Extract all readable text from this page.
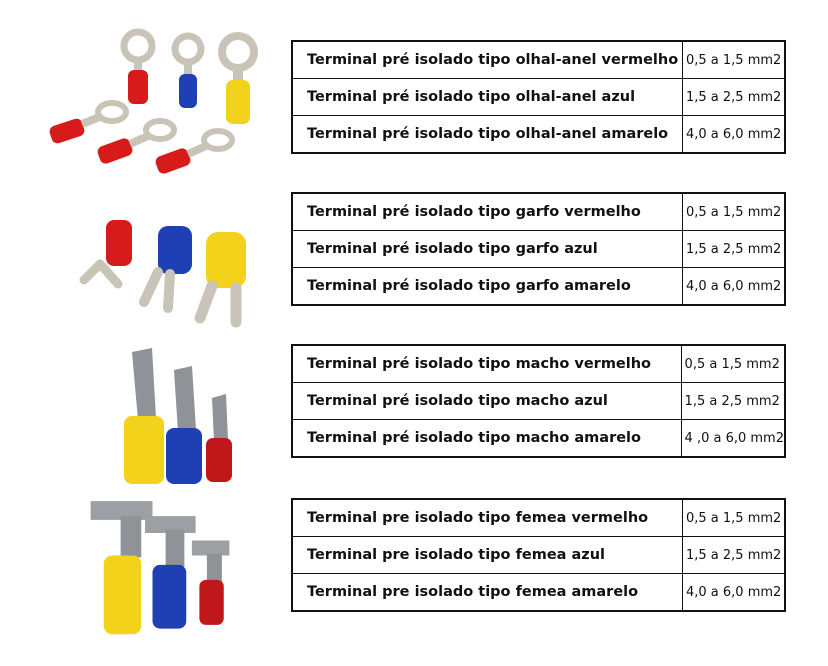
Terminal pré isolado tipo olhal-anel vermelho	0,5 a 1,5 mm2
Terminal pré isolado tipo olhal-anel azul	1,5 a 2,5 mm2
Terminal pré isolado tipo olhal-anel amarelo	4,0 a 6,0 mm2
Terminal pré isolado tipo garfo vermelho	0,5 a 1,5 mm2
Terminal pré isolado tipo garfo azul	1,5 a 2,5 mm2
Terminal pré isolado tipo garfo amarelo	4,0 a 6,0 mm2
Terminal pré isolado tipo macho vermelho	0,5 a 1,5 mm2
Terminal pré isolado tipo macho azul	1,5 a 2,5 mm2
Terminal pré isolado tipo macho amarelo	4 ,0 a 6,0 mm2
Terminal pre isolado tipo femea vermelho	0,5 a 1,5 mm2
Terminal pre isolado tipo femea azul	1,5 a 2,5 mm2
Terminal pre isolado tipo femea amarelo	4,0 a 6,0 mm2
